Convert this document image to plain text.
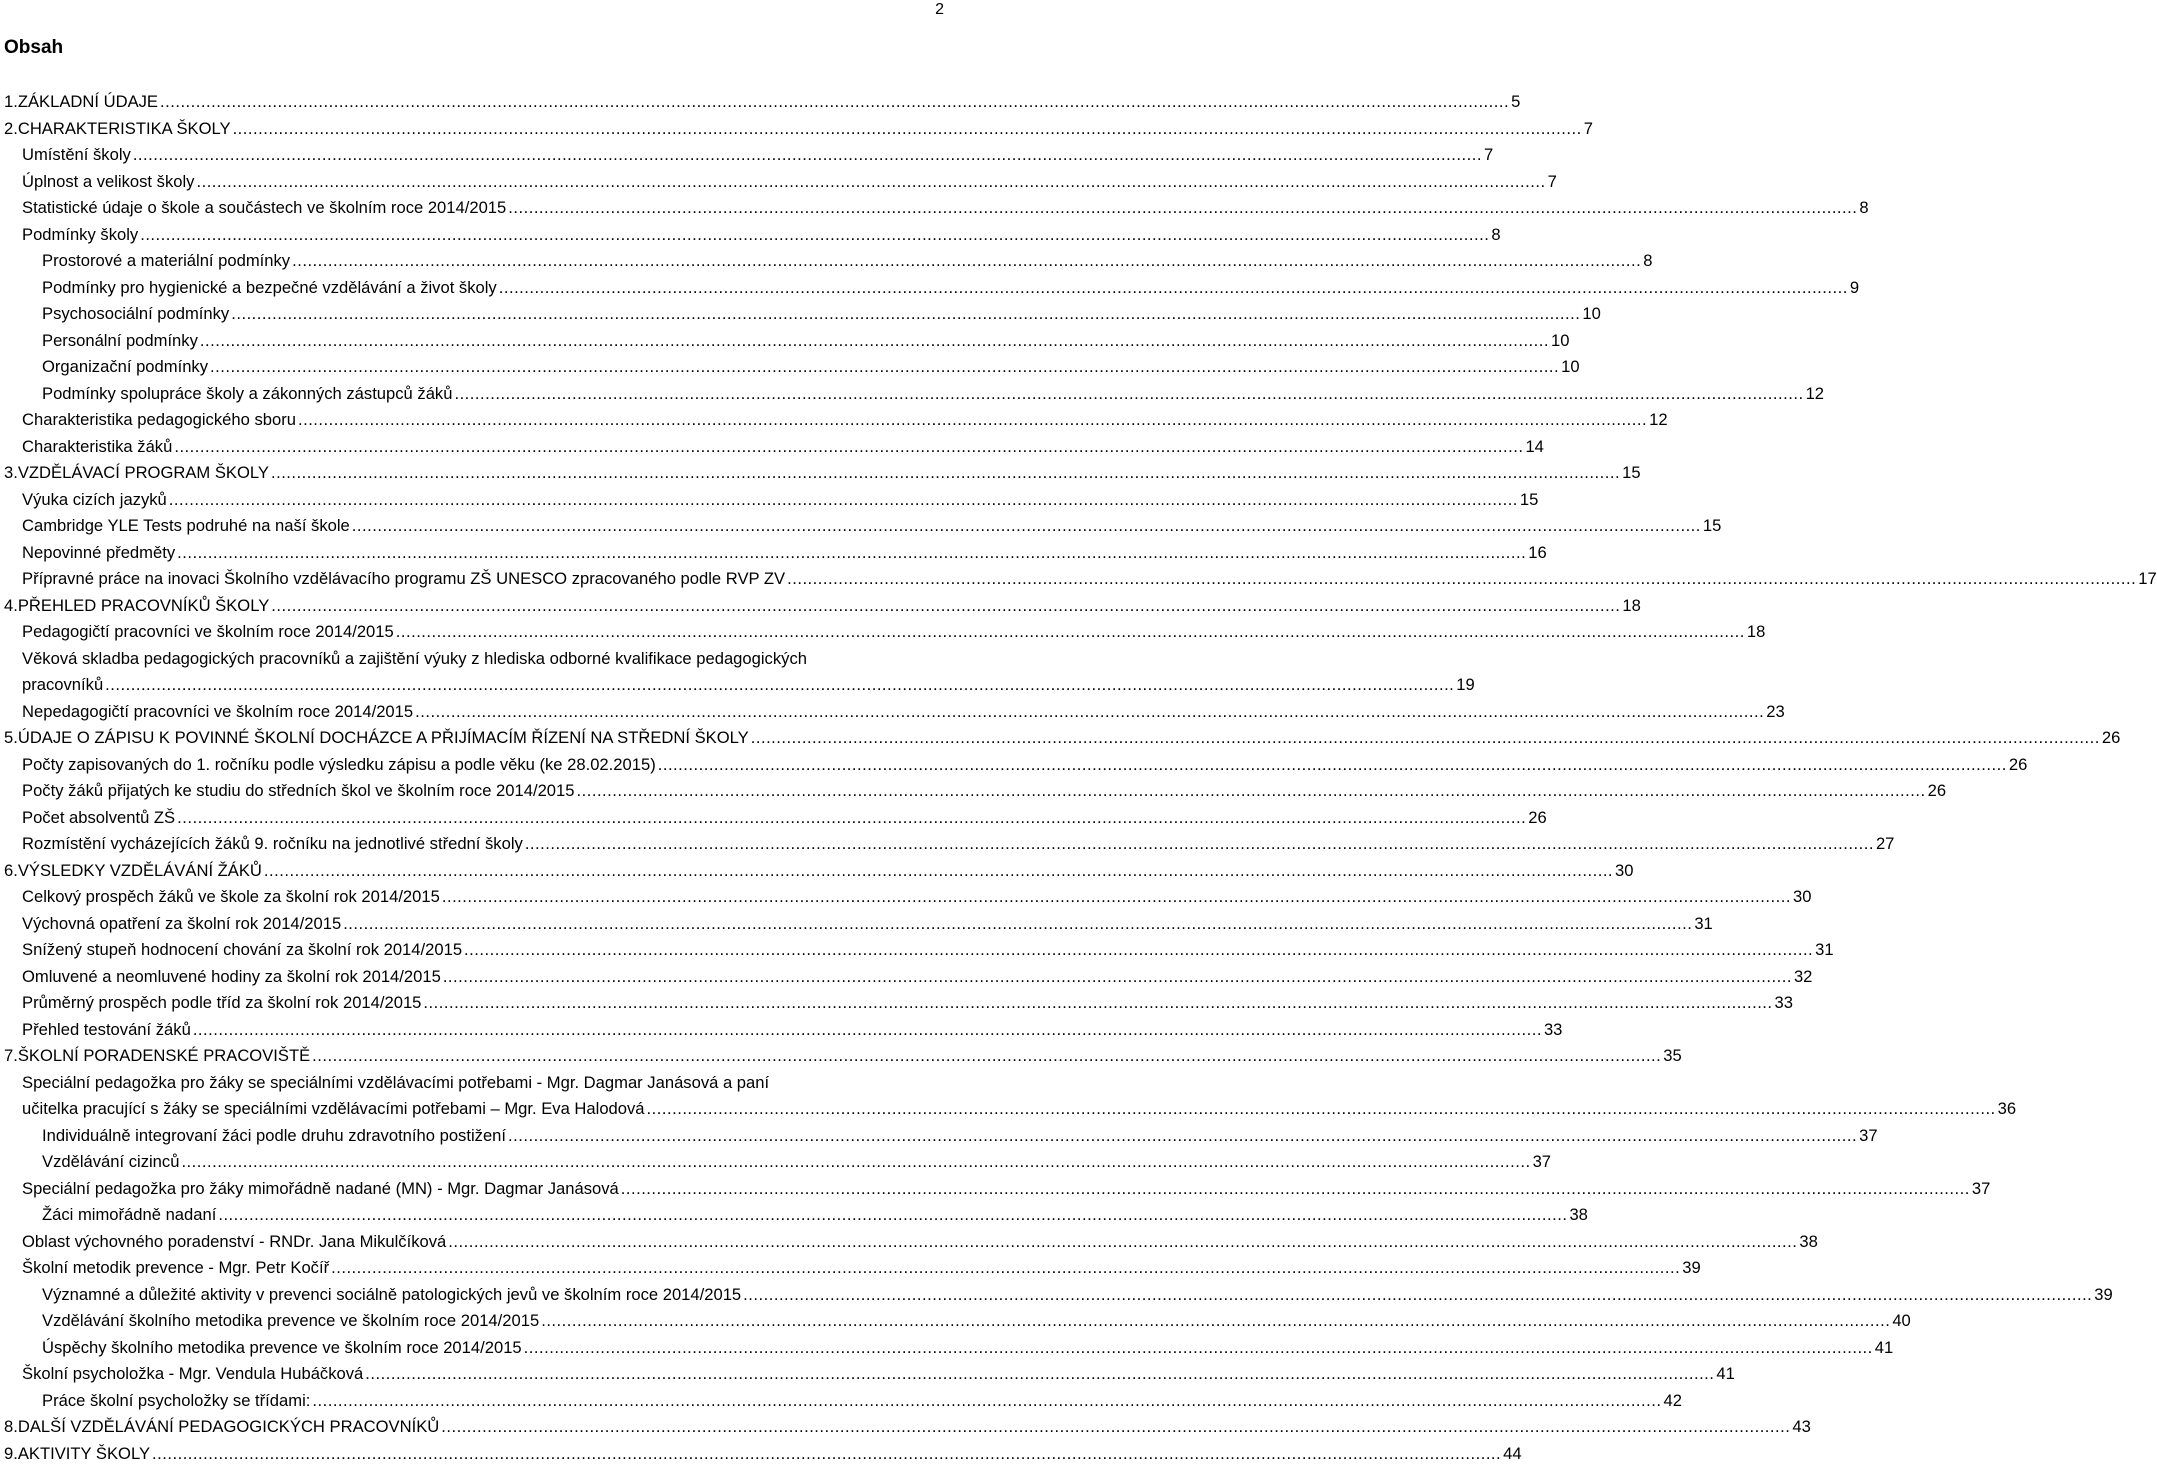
2
Obsah
1. ZÁKLADNÍ ÚDAJE .....	5
2. CHARAKTERISTIKA ŠKOLY .....	7
Umístění školy .....	7
Úplnost a velikost školy .....	7
Statistické údaje o škole a součástech ve školním roce 2014/2015 .....	8
Podmínky školy .....	8
Prostorové a materiální podmínky .....	8
Podmínky pro hygienické a bezpečné vzdělávání a život školy .....	9
Psychosociální podmínky .....	10
Personální podmínky .....	10
Organizační podmínky .....	10
Podmínky spolupráce školy a zákonných zástupců žáků .....	12
Charakteristika pedagogického sboru .....	12
Charakteristika žáků .....	14
3. VZDĚLÁVACÍ PROGRAM ŠKOLY .....	15
Výuka cizích jazyků .....	15
Cambridge YLE Tests podruhé na naší škole .....	15
Nepovinné předměty .....	16
Přípravné práce na inovaci Školního vzdělávacího programu ZŠ UNESCO zpracovaného podle RVP ZV .....	17
4. PŘEHLED PRACOVNÍKŮ ŠKOLY .....	18
Pedagogičtí pracovníci ve školním roce 2014/2015 .....	18
Věková skladba pedagogických pracovníků a zajištění výuky z hlediska odborné kvalifikace pedagogických
pracovníků .....	19
Nepedagogičtí pracovníci ve školním roce 2014/2015 .....	23
5. ÚDAJE O ZÁPISU K POVINNÉ ŠKOLNÍ DOCHÁZCE A PŘIJÍMACÍM ŘÍZENÍ NA STŘEDNÍ ŠKOLY .....	26
Počty zapisovaných do 1. ročníku podle výsledku zápisu a podle věku (ke 28.02.2015) .....	26
Počty žáků přijatých ke studiu do středních škol ve školním roce 2014/2015 .....	26
Počet absolventů ZŠ .....	26
Rozmístění vycházejících žáků 9. ročníku na jednotlivé střední školy .....	27
6. VÝSLEDKY VZDĚLÁVÁNÍ ŽÁKŮ .....	30
Celkový prospěch žáků ve škole za školní rok 2014/2015 .....	30
Výchovná opatření za školní rok 2014/2015 .....	31
Snížený stupeň hodnocení chování za školní rok 2014/2015 .....	31
Omluvené a neomluvené hodiny za školní rok 2014/2015 .....	32
Průměrný prospěch podle tříd za školní rok 2014/2015 .....	33
Přehled testování žáků .....	33
7. ŠKOLNÍ PORADENSKÉ PRACOVIŠTĚ .....	35
Speciální pedagožka pro žáky se speciálními vzdělávacími potřebami - Mgr. Dagmar Janásová a paní
učitelka pracující s žáky se speciálními vzdělávacími potřebami – Mgr. Eva Halodová .....	36
Individuálně integrovaní žáci podle druhu zdravotního postižení .....	37
Vzdělávání cizinců .....	37
Speciální pedagožka pro žáky mimořádně nadané (MN) - Mgr. Dagmar Janásová .....	37
Žáci mimořádně nadaní .....	38
Oblast výchovného poradenství - RNDr. Jana Mikulčíková .....	38
Školní metodik prevence - Mgr. Petr Kočíř .....	39
Významné a důležité aktivity v prevenci sociálně patologických jevů ve školním roce 2014/2015 .....	39
Vzdělávání školního metodika prevence ve školním roce 2014/2015 .....	40
Úspěchy školního metodika prevence ve školním roce 2014/2015 .....	41
Školní psycholožka - Mgr. Vendula Hubáčková .....	41
Práce školní psycholožky se třídami: .....	42
8. DALŠÍ VZDĚLÁVÁNÍ PEDAGOGICKÝCH PRACOVNÍKŮ .....	43
9. AKTIVITY ŠKOLY .....	44
